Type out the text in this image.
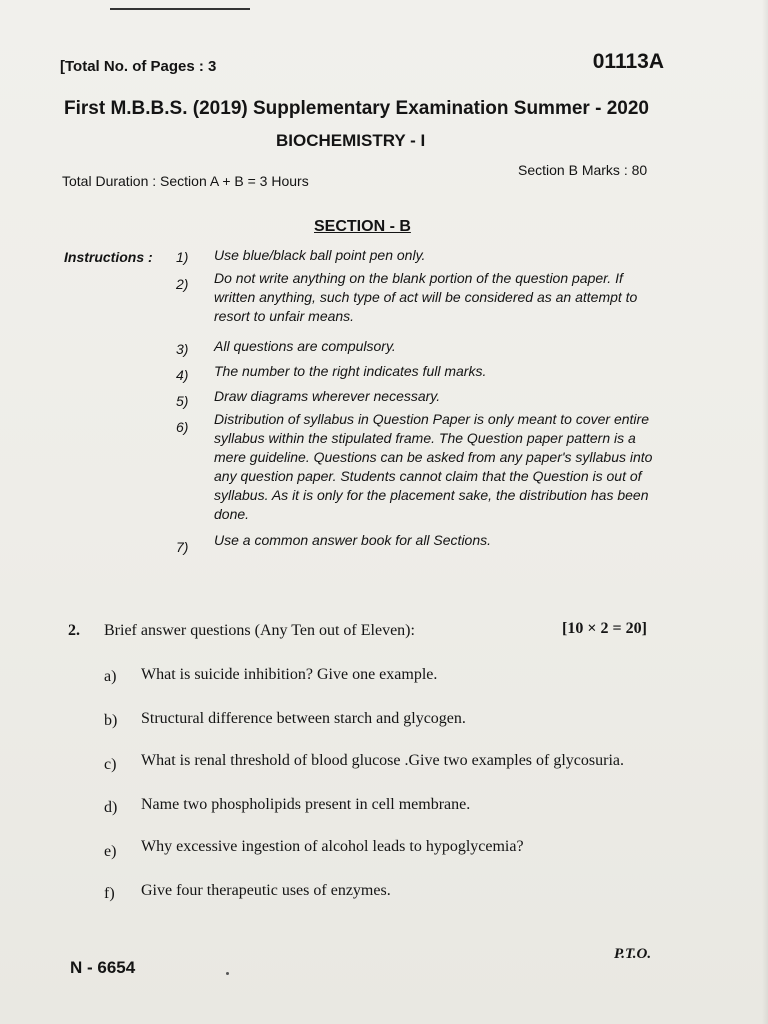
[Total No. of Pages : 3	01113A
First M.B.B.S. (2019) Supplementary Examination Summer - 2020
BIOCHEMISTRY - I
Total Duration : Section A + B = 3 Hours
Section B Marks : 80
SECTION - B
Instructions : 1) Use blue/black ball point pen only.
2) Do not write anything on the blank portion of the question paper. If written anything, such type of act will be considered as an attempt to resort to unfair means.
3) All questions are compulsory.
4) The number to the right indicates full marks.
5) Draw diagrams wherever necessary.
6) Distribution of syllabus in Question Paper is only meant to cover entire syllabus within the stipulated frame. The Question paper pattern is a mere guideline. Questions can be asked from any paper's syllabus into any question paper. Students cannot claim that the Question is out of syllabus. As it is only for the placement sake, the distribution has been done.
7) Use a common answer book for all Sections.
2. Brief answer questions (Any Ten out of Eleven):	[10 × 2 = 20]
a) What is suicide inhibition? Give one example.
b) Structural difference between starch and glycogen.
c) What is renal threshold of blood glucose .Give two examples of glycosuria.
d) Name two phospholipids present in cell membrane.
e) Why excessive ingestion of alcohol leads to hypoglycemia?
f) Give four therapeutic uses of enzymes.
N - 6654
P.T.O.
